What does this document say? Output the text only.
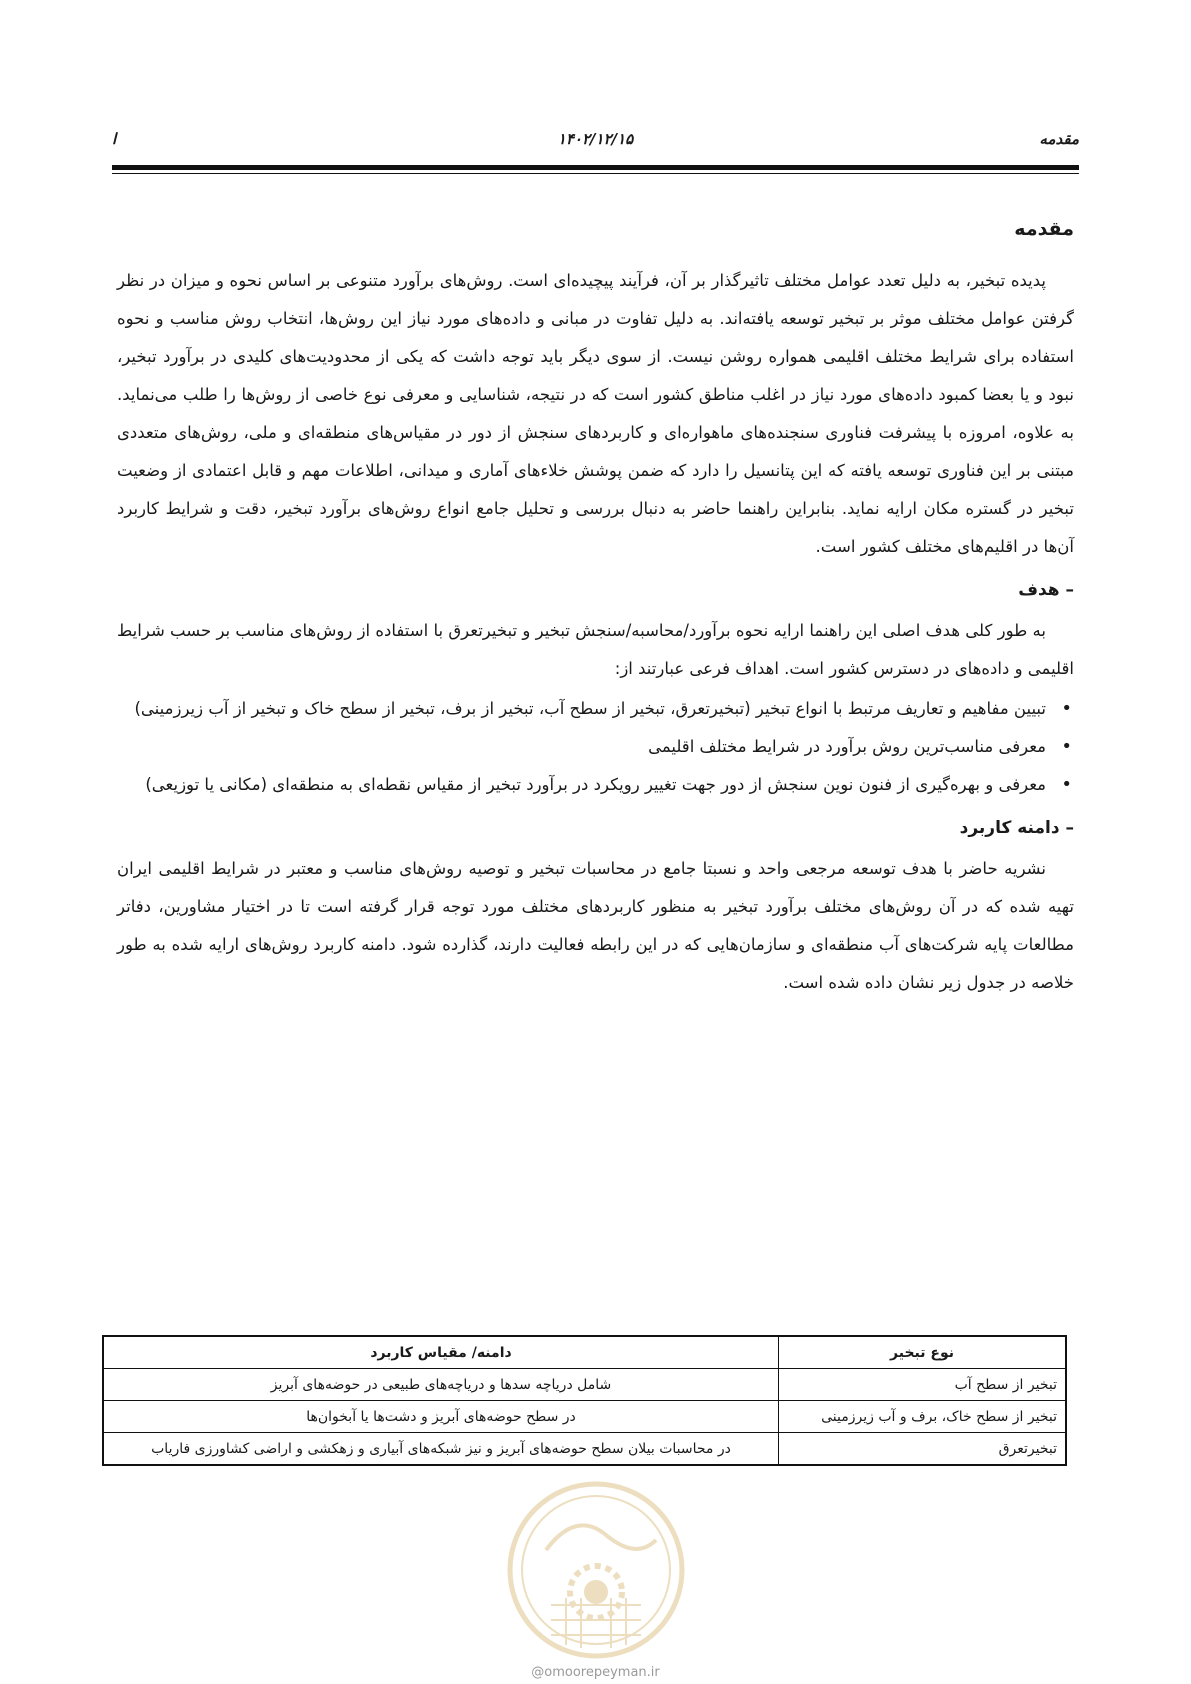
مقدمه
۱۴۰۲/۱۲/۱۵
ا
مقدمه

پدیده تبخیر، به دلیل تعدد عوامل مختلف تاثیرگذار بر آن، فرآیند پیچیده‌ای است. روش‌های برآورد متنوعی بر اساس نحوه و میزان در نظر گرفتن عوامل مختلف موثر بر تبخیر توسعه یافته‌اند. به دلیل تفاوت در مبانی و داده‌های مورد نیاز این روش‌ها، انتخاب روش مناسب و نحوه استفاده برای شرایط مختلف اقلیمی همواره روشن نیست. از سوی دیگر باید توجه داشت که یکی از محدودیت‌های کلیدی در برآورد تبخیر، نبود و یا بعضا کمبود داده‌های مورد نیاز در اغلب مناطق کشور است که در نتیجه، شناسایی و معرفی نوع خاصی از روش‌ها را طلب می‌نماید. به علاوه، امروزه با پیشرفت فناوری سنجنده‌های ماهواره‌ای و کاربردهای سنجش از دور در مقیاس‌های منطقه‌ای و ملی، روش‌های متعددی مبتنی بر این فناوری توسعه یافته که این پتانسیل را دارد که ضمن پوشش خلاءهای آماری و میدانی، اطلاعات مهم و قابل اعتمادی از وضعیت تبخیر در گستره مکان ارایه نماید. بنابراین راهنما حاضر به دنبال بررسی و تحلیل جامع انواع روش‌های برآورد تبخیر، دقت و شرایط کاربرد آن‌ها در اقلیم‌های مختلف کشور است.

– هدف

به طور کلی هدف اصلی این راهنما ارایه نحوه برآورد/محاسبه/سنجش تبخیر و تبخیرتعرق با استفاده از روش‌های مناسب بر حسب شرایط اقلیمی و داده‌های در دسترس کشور است. اهداف فرعی عبارتند از:

• تبیین مفاهیم و تعاریف مرتبط با انواع تبخیر (تبخیرتعرق، تبخیر از سطح آب، تبخیر از برف، تبخیر از سطح خاک و تبخیر از آب زیرزمینی)
• معرفی مناسب‌ترین روش برآورد در شرایط مختلف اقلیمی
• معرفی و بهره‌گیری از فنون نوین سنجش از دور جهت تغییر رویکرد در برآورد تبخیر از مقیاس نقطه‌ای به منطقه‌ای (مکانی یا توزیعی)
– دامنه کاربرد

نشریه حاضر با هدف توسعه مرجعی واحد و نسبتا جامع در محاسبات تبخیر و توصیه روش‌های مناسب و معتبر در شرایط اقلیمی ایران تهیه شده که در آن روش‌های مختلف برآورد تبخیر به منظور کاربردهای مختلف مورد توجه قرار گرفته است تا در اختیار مشاورین، دفاتر مطالعات پایه شرکت‌های آب منطقه‌ای و سازمان‌هایی که در این رابطه فعالیت دارند، گذارده شود. دامنه کاربرد روش‌های ارایه شده به طور خلاصه در جدول زیر نشان داده شده است.

نوع تبخیر	دامنه/ مقیاس کاربرد
تبخیر از سطح آب	شامل دریاچه سدها و دریاچه‌های طبیعی در حوضه‌های آبریز
تبخیر از سطح خاک، برف و آب زیرزمینی	در سطح حوضه‌های آبریز و دشت‌ها یا آبخوان‌ها
تبخیرتعرق	در محاسبات بیلان سطح حوضه‌های آبریز و نیز شبکه‌های آبیاری و زهکشی و اراضی کشاورزی فاریاب
@omoorepeyman.ir
